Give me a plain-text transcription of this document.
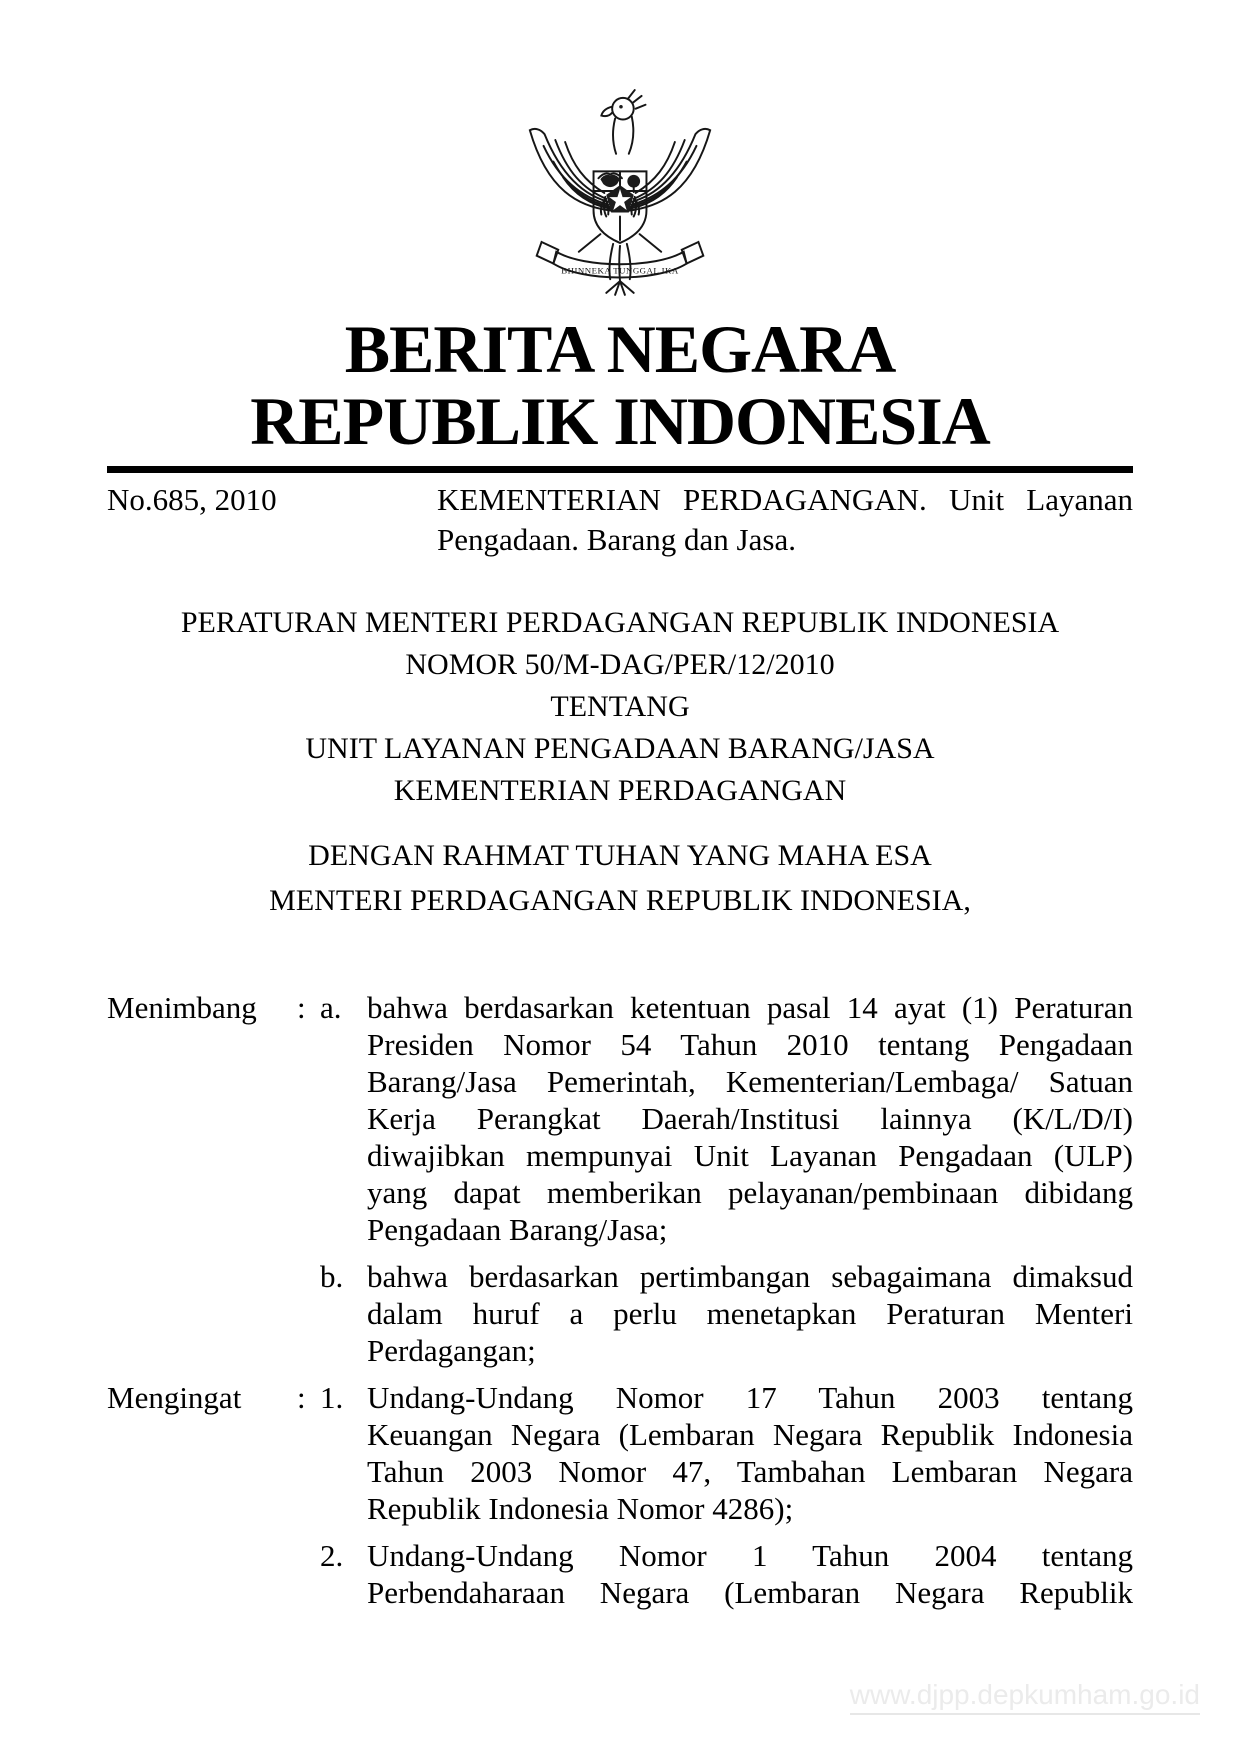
BHINNEKA TUNGGAL IKA
BERITA NEGARA
REPUBLIK INDONESIA
No.685, 2010	KEMENTERIAN PERDAGANGAN. Unit Layanan
Pengadaan. Barang dan Jasa.
PERATURAN MENTERI PERDAGANGAN REPUBLIK INDONESIA
NOMOR 50/M-DAG/PER/12/2010
TENTANG
UNIT LAYANAN PENGADAAN BARANG/JASA
KEMENTERIAN PERDAGANGAN
DENGAN RAHMAT TUHAN YANG MAHA ESA
MENTERI PERDAGANGAN REPUBLIK INDONESIA,
Menimbang	: a. bahwa berdasarkan ketentuan pasal 14 ayat (1) Peraturan
Presiden Nomor 54 Tahun 2010 tentang Pengadaan
Barang/Jasa Pemerintah, Kementerian/Lembaga/ Satuan
Kerja Perangkat Daerah/Institusi lainnya (K/L/D/I)
diwajibkan mempunyai Unit Layanan Pengadaan (ULP)
yang dapat memberikan pelayanan/pembinaan dibidang
Pengadaan Barang/Jasa;
b. bahwa berdasarkan pertimbangan sebagaimana dimaksud
dalam huruf a perlu menetapkan Peraturan Menteri
Perdagangan;
Mengingat	: 1. Undang-Undang Nomor 17 Tahun 2003 tentang
Keuangan Negara (Lembaran Negara Republik Indonesia
Tahun 2003 Nomor 47, Tambahan Lembaran Negara
Republik Indonesia Nomor 4286);
2. Undang-Undang Nomor 1 Tahun 2004 tentang
Perbendaharaan Negara (Lembaran Negara Republik
www.djpp.depkumham.go.id
